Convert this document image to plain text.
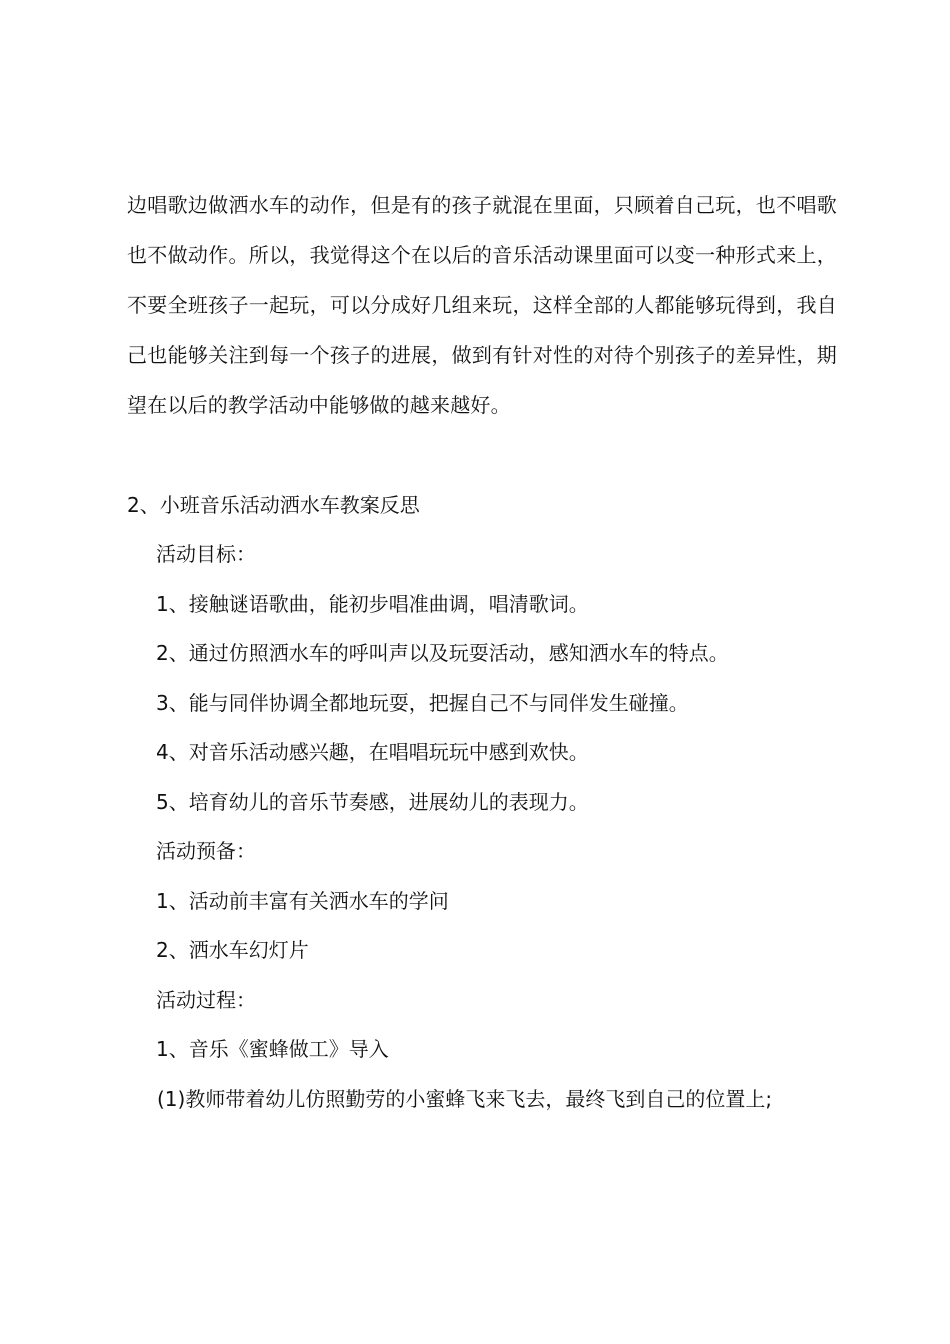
边唱歌边做洒水车的动作，但是有的孩子就混在里面，只顾着自己玩，也不唱歌也不做动作。所以，我觉得这个在以后的音乐活动课里面可以变一种形式来上，不要全班孩子一起玩，可以分成好几组来玩，这样全部的人都能够玩得到，我自己也能够关注到每一个孩子的进展，做到有针对性的对待个别孩子的差异性，期望在以后的教学活动中能够做的越来越好。

2、小班音乐活动洒水车教案反思

活动目标：

1、接触谜语歌曲，能初步唱准曲调，唱清歌词。

2、通过仿照洒水车的呼叫声以及玩耍活动，感知洒水车的特点。

3、能与同伴协调全都地玩耍，把握自己不与同伴发生碰撞。

4、对音乐活动感兴趣，在唱唱玩玩中感到欢快。

5、培育幼儿的音乐节奏感，进展幼儿的表现力。

活动预备：

1、活动前丰富有关洒水车的学问

2、洒水车幻灯片

活动过程：

1、音乐《蜜蜂做工》导入

(1)教师带着幼儿仿照勤劳的小蜜蜂飞来飞去，最终飞到自己的位置上;
